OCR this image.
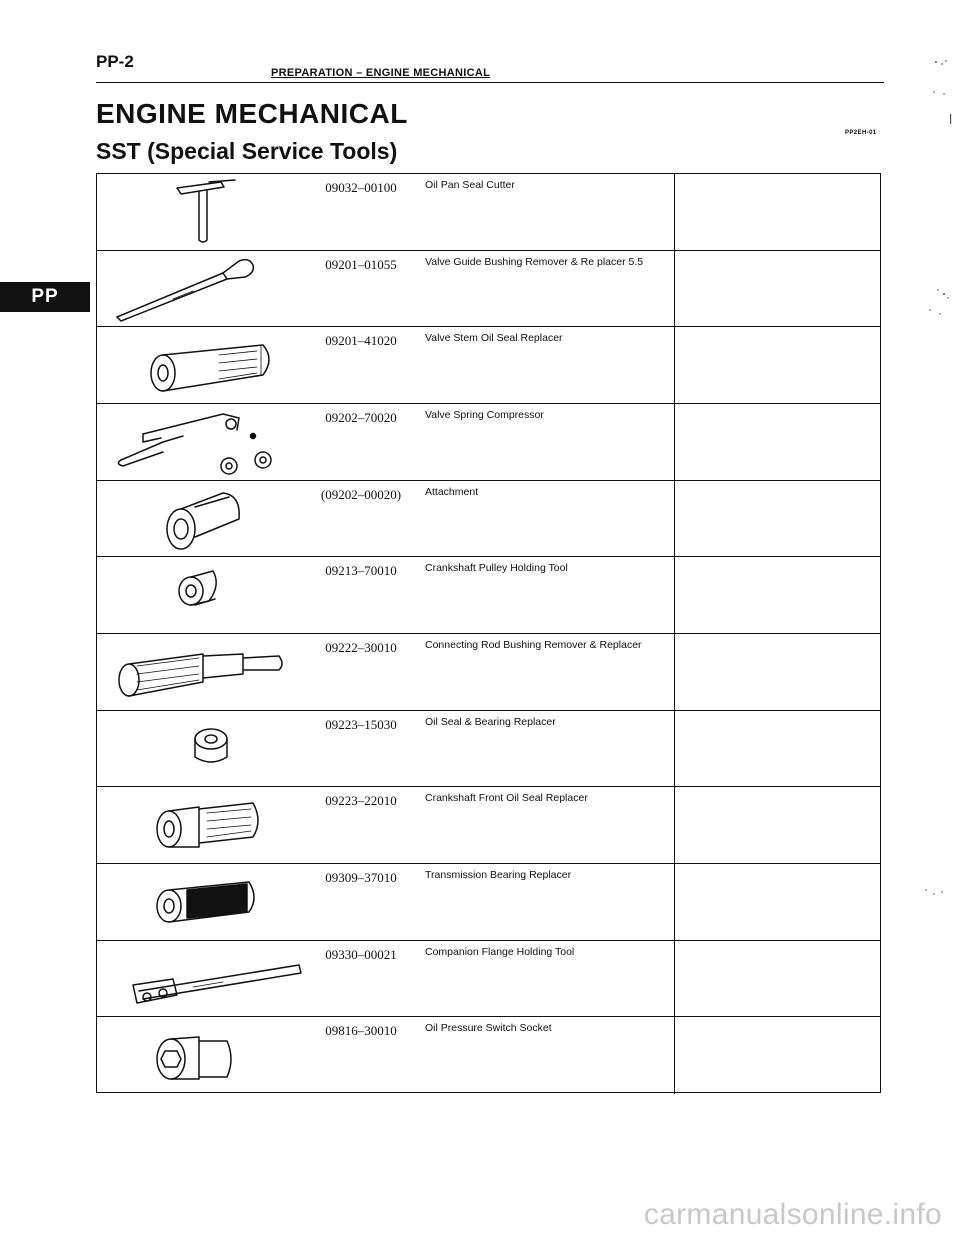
PP-2
PREPARATION – ENGINE MECHANICAL
ENGINE MECHANICAL
SST (Special Service Tools)
PP2EH-01
PP
09032–00100	Oil Pan Seal Cutter
09201–01055	Valve Guide Bushing Remover & Re placer 5.5
09201–41020	Valve Stem Oil Seal Replacer
09202–70020	Valve Spring Compressor
(09202–00020)	Attachment
09213–70010	Crankshaft Pulley Holding Tool
09222–30010	Connecting Rod Bushing Remover & Replacer
09223–15030	Oil Seal & Bearing Replacer
09223–22010	Crankshaft Front Oil Seal Replacer
09309–37010	Transmission Bearing Replacer
09330–00021	Companion Flange Holding Tool
09816–30010	Oil Pressure Switch Socket
carmanualsonline.info
